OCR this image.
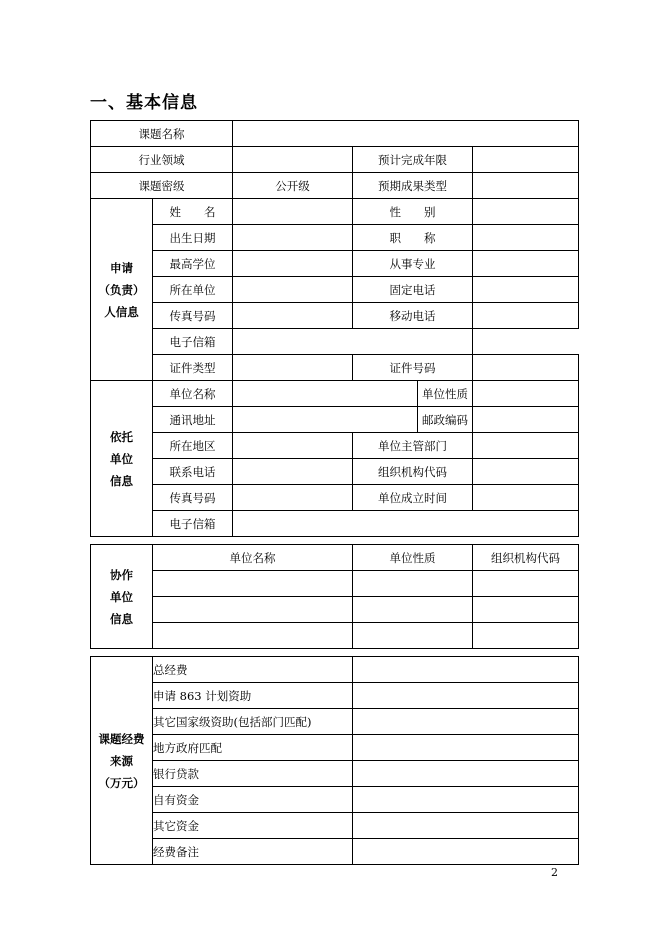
一、基本信息
课题名称					
行业领域			预计完成年限		
课题密级		公开级	预期成果类型		

申请
（负责）
人信息	姓　　名		性　　别		
	出生日期		职　　称		
	最高学位		从事专业		
	所在单位		固定电话		
	传真号码		移动电话		
	电子信箱				
	证件类型		证件号码		

依托
单位
信息	单位名称			单位性质	
	通讯地址			邮政编码	
	所在地区		单位主管部门		
	联系电话		组织机构代码		
	传真号码		单位成立时间		
	电子信箱				

协作
单位
信息	单位名称		单位性质		组织机构代码

课题经费
来源
（万元）	总经费				
	申请 863 计划资助				
	其它国家级资助(包括部门匹配)				
	地方政府匹配				
	银行贷款				
	自有资金				
	其它资金				
	经费备注				
2
